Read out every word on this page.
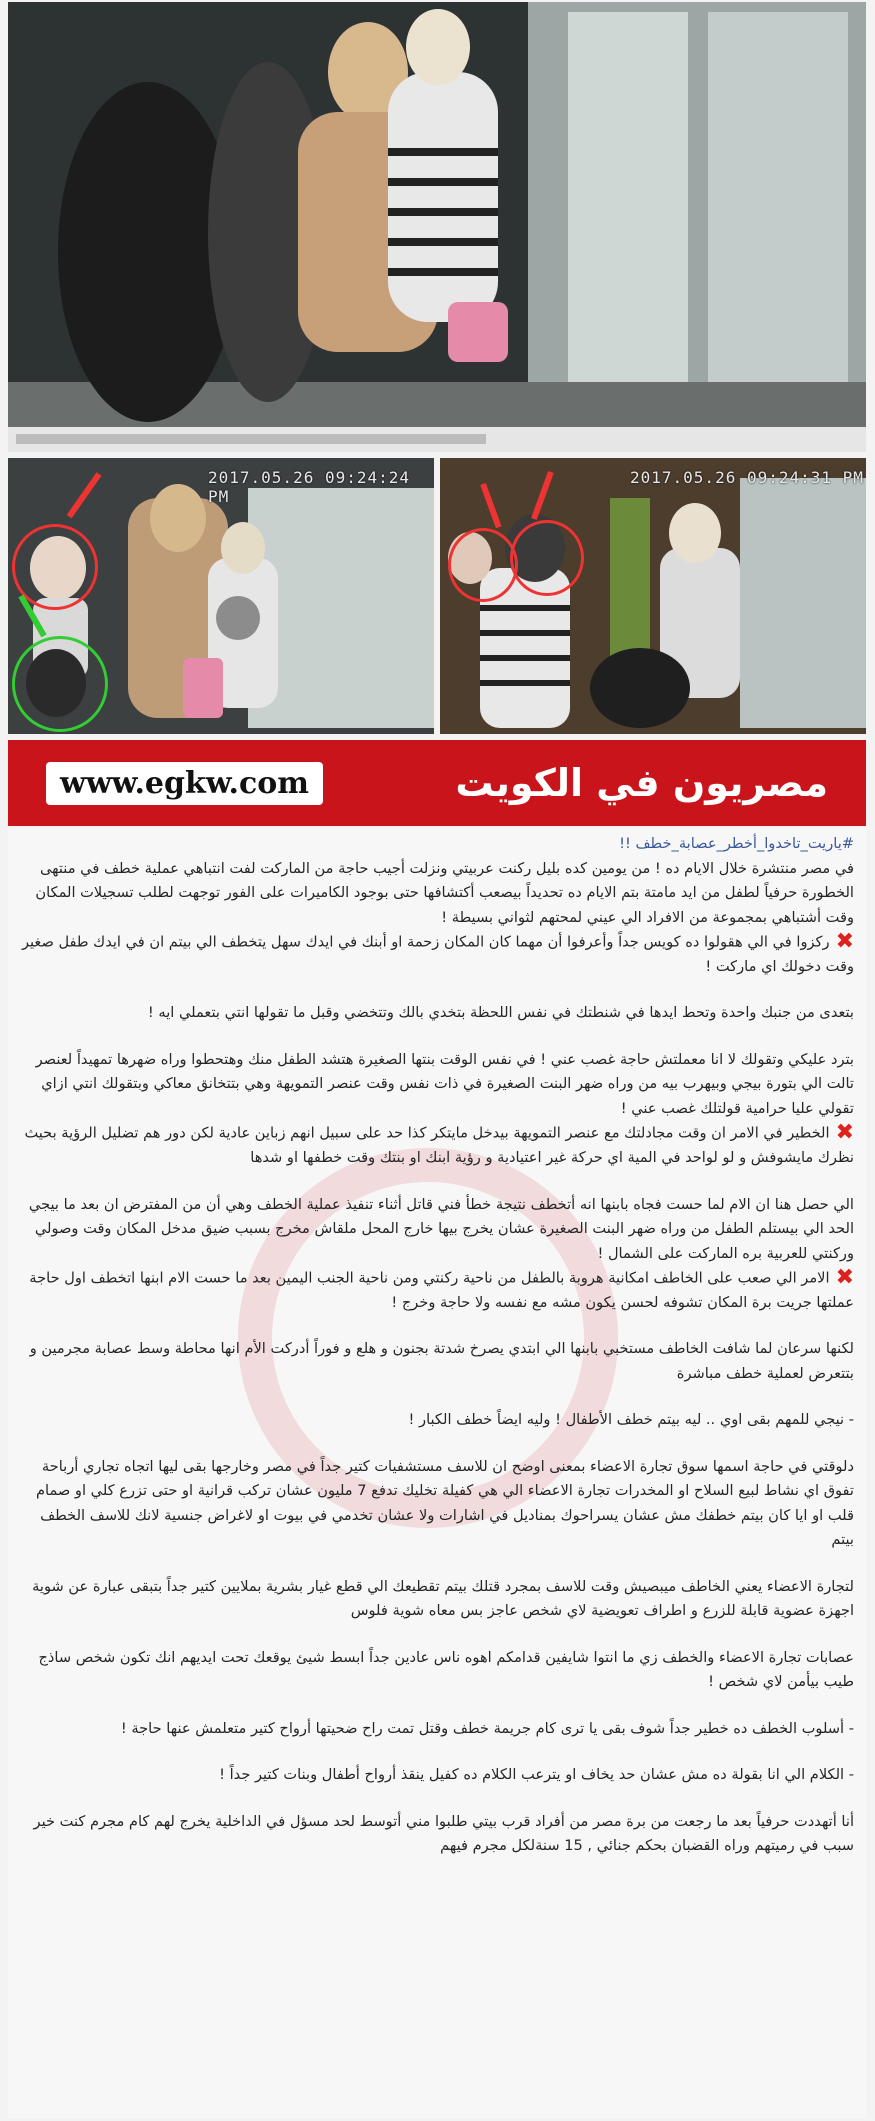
2017.05.26 09:24:24 PM
2017.05.26 09:24:31 PM
www.egkw.com	مصريون في الكويت
#ياريت_تاخدوا_أخطر_عصابة_خطف !!
في مصر منتشرة خلال الايام ده ! من يومين كده بليل ركنت عربيتي ونزلت أجيب حاجة من الماركت لفت انتباهي عملية خطف في منتهى الخطورة حرفياً لطفل من ايد مامتة بتم الايام ده تحديداً بيصعب أكتشافها حتى بوجود الكاميرات على الفور توجهت لطلب تسجيلات المكان
وقت أشتباهي بمجموعة من الافراد الي عيني لمحتهم لثواني بسيطة !
✖ركزوا في الي هقولوا ده كويس جداً وأعرفوا أن مهما كان المكان زحمة او أبنك في ايدك سهل يتخطف الي بيتم ان في ايدك طفل صغير وقت دخولك اي ماركت !
بتعدى من جنبك واحدة وتحط ايدها في شنطتك في نفس اللحظة بتخدي بالك وتتخضي وقبل ما تقولها انتي بتعملي ايه !
بترد عليكي وتقولك لا انا معملتش حاجة غصب عني ! في نفس الوقت بنتها الصغيرة هتشد الطفل منك وهتحطوا وراه ضهرها تمهيداً لعنصر تالت الي بتورة بيجي وبيهرب بيه من وراه ضهر البنت الصغيرة في ذات نفس وقت عنصر التمويهة وهي بتتخانق معاكي وبتقولك انتي ازاي تقولي عليا حرامية قولتلك غصب عني !
✖الخطير في الامر ان وقت مجادلتك مع عنصر التمويهة بيدخل مايتكر كذا حد على سبيل انهم زباين عادية لكن دور هم تضليل الرؤية بحيث نظرك مايشوفش و لو لواحد في المية اي حركة غير اعتيادية و رؤية ابنك او بنتك وقت خطفها او شدها
الي حصل هنا ان الام لما حست فجاه بابنها انه أتخطف نتيجة خطأ فني قاتل أثناء تنفيذ عملية الخطف وهي أن من المفترض ان بعد ما بيجي الحد الي بيستلم الطفل من وراه ضهر البنت الصغيرة عشان يخرج بيها خارج المحل ملقاش مخرج بسبب ضيق مدخل المكان وقت وصولي وركنتي للعربية بره الماركت على الشمال !
✖الامر الي صعب على الخاطف امكانية هروبة بالطفل من ناحية ركنتي ومن ناحية الجنب اليمين بعد ما حست الام ابنها اتخطف اول حاجة عملتها جريت برة المكان تشوفه لحسن يكون مشه مع نفسه ولا حاجة وخرج !
لكنها سرعان لما شافت الخاطف مستخبي بابنها الي ابتدي يصرخ شدتة بجنون و هلع و فوراً أدركت الأم انها محاطة وسط عصابة مجرمين و بتتعرض لعملية خطف مباشرة
- نيجي للمهم بقى اوي .. ليه بيتم خطف الأطفال ! وليه ايضاً خطف الكبار !
دلوقتي في حاجة اسمها سوق تجارة الاعضاء بمعنى اوضح ان للاسف مستشفيات كتير جداً في مصر وخارجها بقى ليها اتجاه تجاري أرباحة تفوق اي نشاط لبيع السلاح او المخدرات تجارة الاعضاء الي هي كفيلة تخليك تدفع 7 مليون عشان تركب قرانية او حتى تزرع كلي او صمام قلب او ايا كان بيتم خطفك مش عشان يسراحوك بمناديل في اشارات ولا عشان تخدمي في بيوت او لاغراض جنسية لانك للاسف الخطف بيتم
لتجارة الاعضاء يعني الخاطف ميبصيش وقت للاسف بمجرد قتلك بيتم تقطيعك الي قطع غيار بشرية بملايين كتير جداً بتبقى عبارة عن شوية اجهزة عضوية قابلة للزرع و اطراف تعويضية لاي شخص عاجز بس معاه شوية فلوس
عصابات تجارة الاعضاء والخطف زي ما انتوا شايفين قدامكم اهوه ناس عادين جداً ابسط شيئ يوقعك تحت ايديهم انك تكون شخص ساذج طيب بيأمن لاي شخص !
- أسلوب الخطف ده خطير جداً شوف بقى يا ترى كام جريمة خطف وقتل تمت راح ضحيتها أرواح كتير متعلمش عنها حاجة !
- الكلام الي انا بقولة ده مش عشان حد يخاف او يترعب الكلام ده كفيل ينقذ أرواح أطفال وبنات كتير جداً !
أنا أتهددت حرفياً بعد ما رجعت من برة مصر من أفراد قرب بيتي طلبوا مني أتوسط لحد مسؤل في الداخلية يخرج لهم كام مجرم كنت خير سبب في رميتهم وراه القضبان بحكم جنائي , 15 سنةلكل مجرم فيهم
